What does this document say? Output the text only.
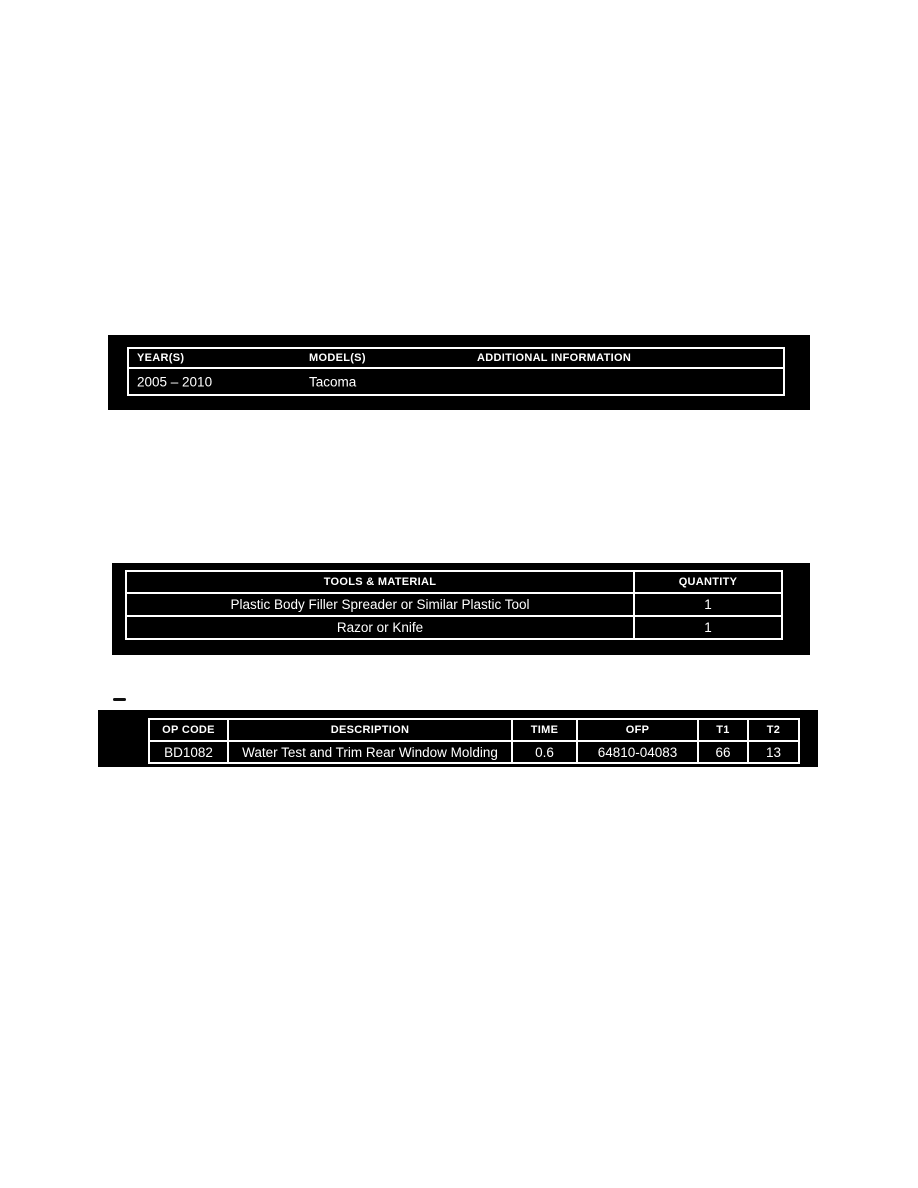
YEAR(S)	MODEL(S)	ADDITIONAL INFORMATION
2005 – 2010	Tacoma
TOOLS & MATERIAL	QUANTITY
Plastic Body Filler Spreader or Similar Plastic Tool	1
Razor or Knife	1
OP CODE	DESCRIPTION	TIME	OFP	T1	T2
BD1082	Water Test and Trim Rear Window Molding	0.6	64810-04083	66	13
